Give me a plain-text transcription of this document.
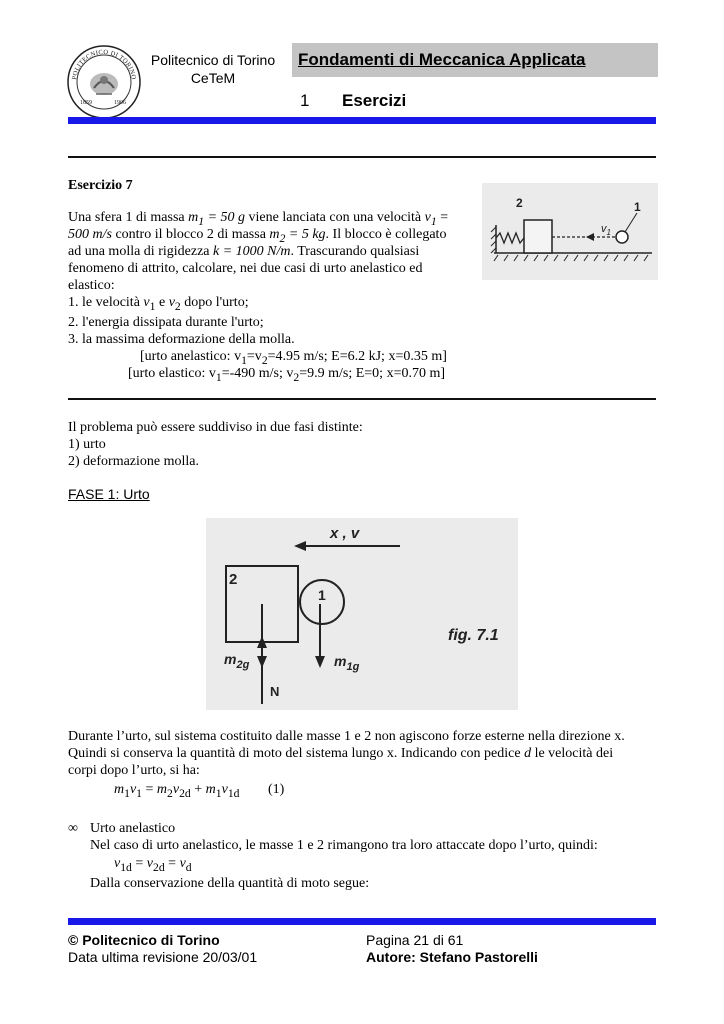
POLITECNICO DI TORINO
1859	1906
Politecnico di Torino
CeTeM
Fondamenti di Meccanica Applicata
1 Esercizi
Esercizio 7
Una sfera 1 di massa $m_1 = 50$ g viene lanciata con una velocità $v_1$ =
500 m/s contro il blocco 2 di massa $m_2 = 5$ kg. Il blocco è collegato
ad una molla di rigidezza k = 1000 N/m. Trascurando qualsiasi
fenomeno di attrito, calcolare, nei due casi di urto anelastico ed
elastico:
1. le velocità $v_1$ e $v_2$ dopo l'urto;
2. l'energia dissipata durante l'urto;
3. la massima deformazione della molla.
[urto anelastico: $v_1=v_2=4.95$ m/s; E=6.2 kJ; x=0.35 m]
[urto elastico: $v_1=-490$ m/s; $v_2=9.9$ m/s; E=0; x=0.70 m]
2	1
$v_1$
Il problema può essere suddiviso in due fasi distinte:
1) urto
2) deformazione molla.
FASE 1: Urto
x , v
2
1
$m_{2g}$	$m_{1g}$
N
fig. 7.1
Durante l’urto, sul sistema costituito dalle masse 1 e 2 non agiscono forze esterne nella direzione x.
Quindi si conserva la quantità di moto del sistema lungo x. Indicando con pedice d le velocità dei
corpi dopo l’urto, si ha:
$m_1v_1 = m_2v_{2d} + m_1v_{1d}$ (1)
∞ Urto anelastico
Nel caso di urto anelastico, le masse 1 e 2 rimangono tra loro attaccate dopo l’urto, quindi:
$v_{1d} = v_{2d} = v_d$
Dalla conservazione della quantità di moto segue:
© Politecnico di Torino	Pagina 21 di 61
Data ultima revisione 20/03/01	Autore: Stefano Pastorelli
